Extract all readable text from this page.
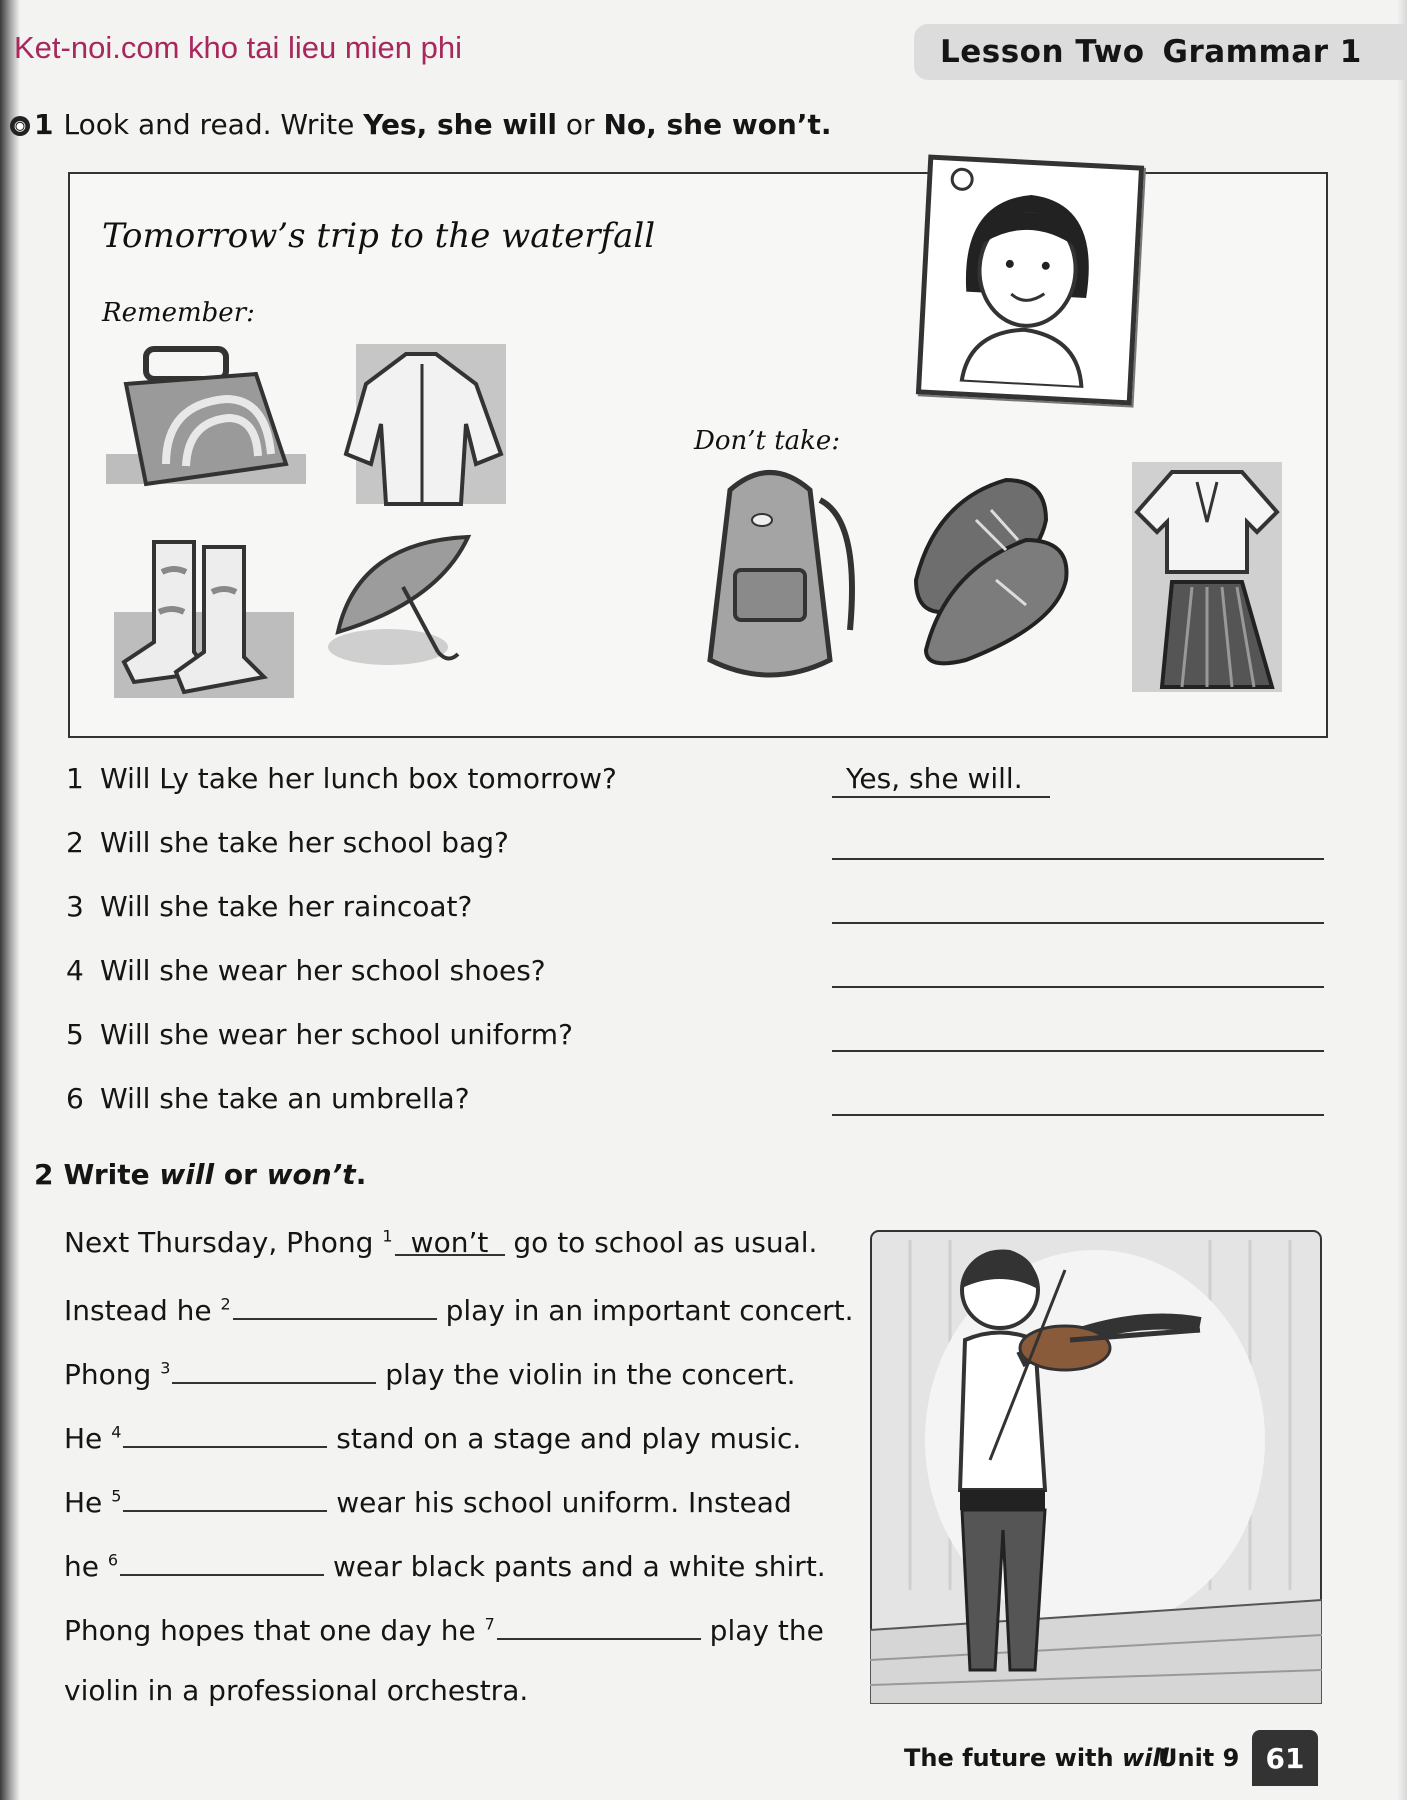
Ket-noi.com kho tai lieu mien phi	Lesson Two Grammar 1
◉ 1 Look and read. Write Yes, she will or No, she won’t.
Tomorrow’s trip to the waterfall
Remember:
Don’t take:
1 Will Ly take her lunch box tomorrow?	Yes, she will.
2 Will she take her school bag?
3 Will she take her raincoat?
4 Will she wear her school shoes?
5 Will she wear her school uniform?
6 Will she take an umbrella?
2 Write will or won’t.
Next Thursday, Phong $^1$ won’t go to school as usual.
Instead he $^2$	play in an important concert.
Phong $^3$	play the violin in the concert.
He $^4$	stand on a stage and play music.
He $^5$	wear his school uniform. Instead
he $^6$	wear black pants and a white shirt.
Phong hopes that one day he $^7$	play the
violin in a professional orchestra.
The future with will
Unit 9 61
